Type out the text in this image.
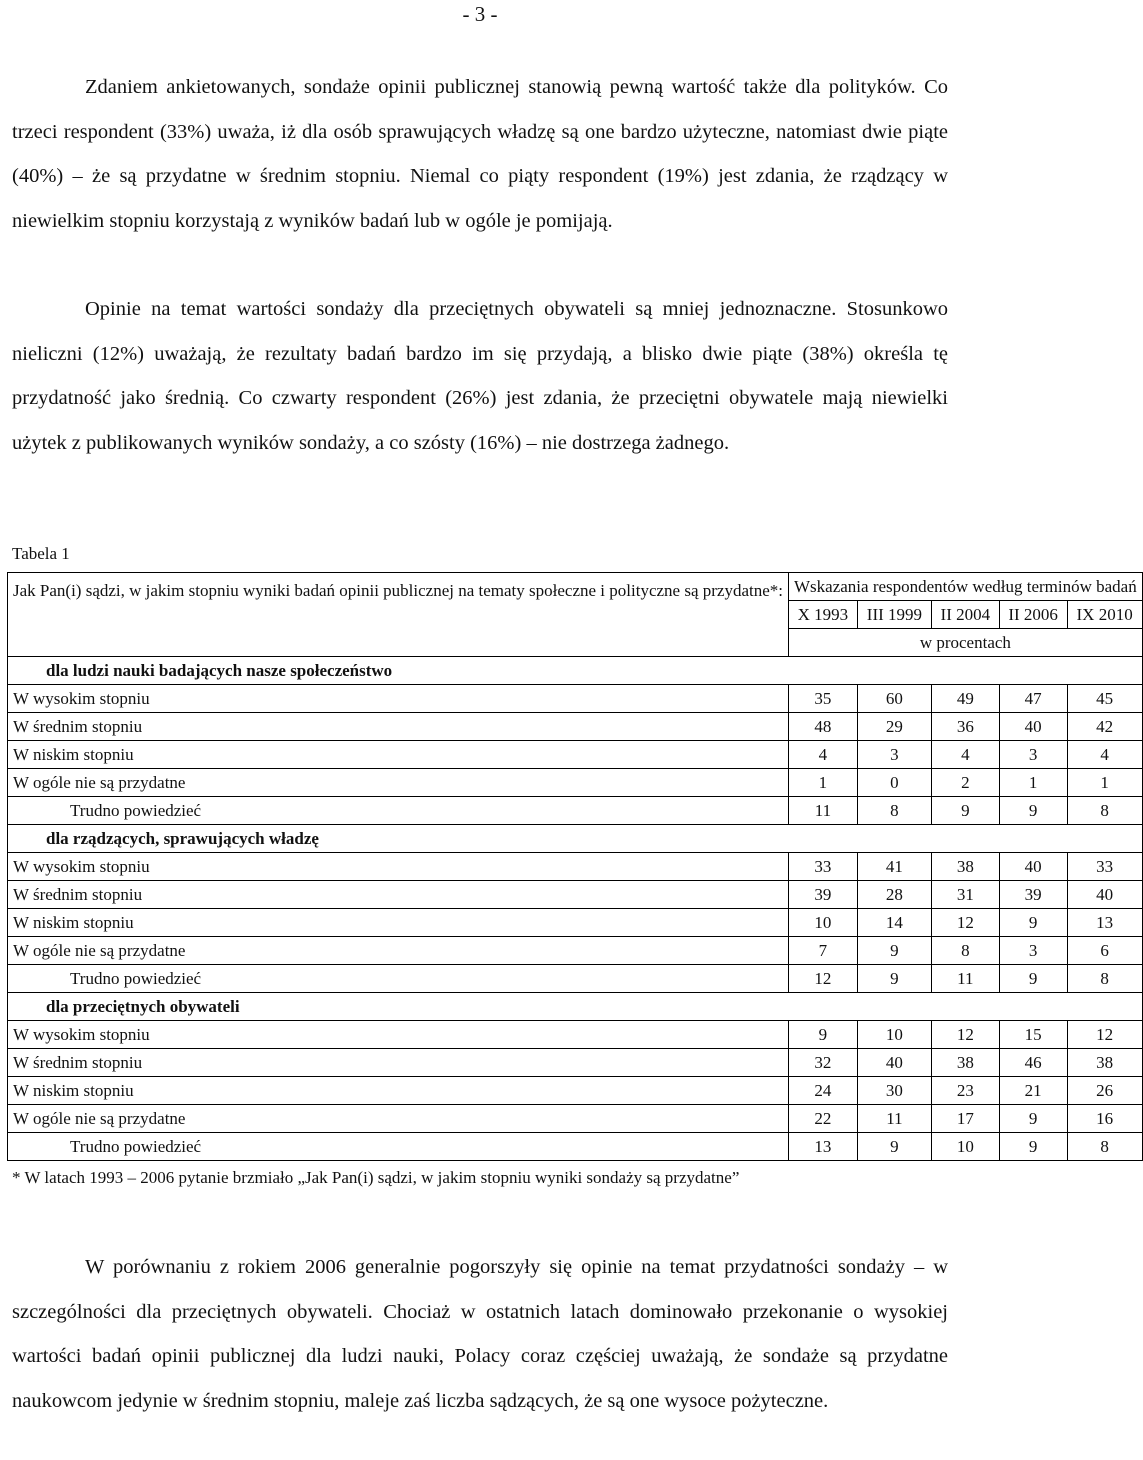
- 3 -

Zdaniem ankietowanych, sondaże opinii publicznej stanowią pewną wartość także dla polityków. Co trzeci respondent (33%) uważa, iż dla osób sprawujących władzę są one bardzo użyteczne, natomiast dwie piąte (40%) – że są przydatne w średnim stopniu. Niemal co piąty respondent (19%) jest zdania, że rządzący w niewielkim stopniu korzystają z wyników badań lub w ogóle je pomijają.

Opinie na temat wartości sondaży dla przeciętnych obywateli są mniej jednoznaczne. Stosunkowo nieliczni (12%) uważają, że rezultaty badań bardzo im się przydają, a blisko dwie piąte (38%) określa tę przydatność jako średnią. Co czwarty respondent (26%) jest zdania, że przeciętni obywatele mają niewielki użytek z publikowanych wyników sondaży, a co szósty (16%) – nie dostrzega żadnego.

Tabela 1
Jak Pan(i) sądzi, w jakim stopniu wyniki badań opinii publicznej na tematy społeczne i polityczne są przydatne*:	Wskazania respondentów według terminów badań				
	X 1993	III 1999	II 2004	II 2006	IX 2010
	w procentach				
dla ludzi nauki badających nasze społeczeństwo					
W wysokim stopniu	35	60	49	47	45
W średnim stopniu	48	29	36	40	42
W niskim stopniu	4	3	4	3	4
W ogóle nie są przydatne	1	0	2	1	1
Trudno powiedzieć	11	8	9	9	8
dla rządzących, sprawujących władzę					
W wysokim stopniu	33	41	38	40	33
W średnim stopniu	39	28	31	39	40
W niskim stopniu	10	14	12	9	13
W ogóle nie są przydatne	7	9	8	3	6
Trudno powiedzieć	12	9	11	9	8
dla przeciętnych obywateli					
W wysokim stopniu	9	10	12	15	12
W średnim stopniu	32	40	38	46	38
W niskim stopniu	24	30	23	21	26
W ogóle nie są przydatne	22	11	17	9	16
Trudno powiedzieć	13	9	10	9	8
* W latach 1993 – 2006 pytanie brzmiało „Jak Pan(i) sądzi, w jakim stopniu wyniki sondaży są przydatne”

W porównaniu z rokiem 2006 generalnie pogorszyły się opinie na temat przydatności sondaży – w szczególności dla przeciętnych obywateli. Chociaż w ostatnich latach dominowało przekonanie o wysokiej wartości badań opinii publicznej dla ludzi nauki, Polacy coraz częściej uważają, że sondaże są przydatne naukowcom jedynie w średnim stopniu, maleje zaś liczba sądzących, że są one wysoce pożyteczne.
